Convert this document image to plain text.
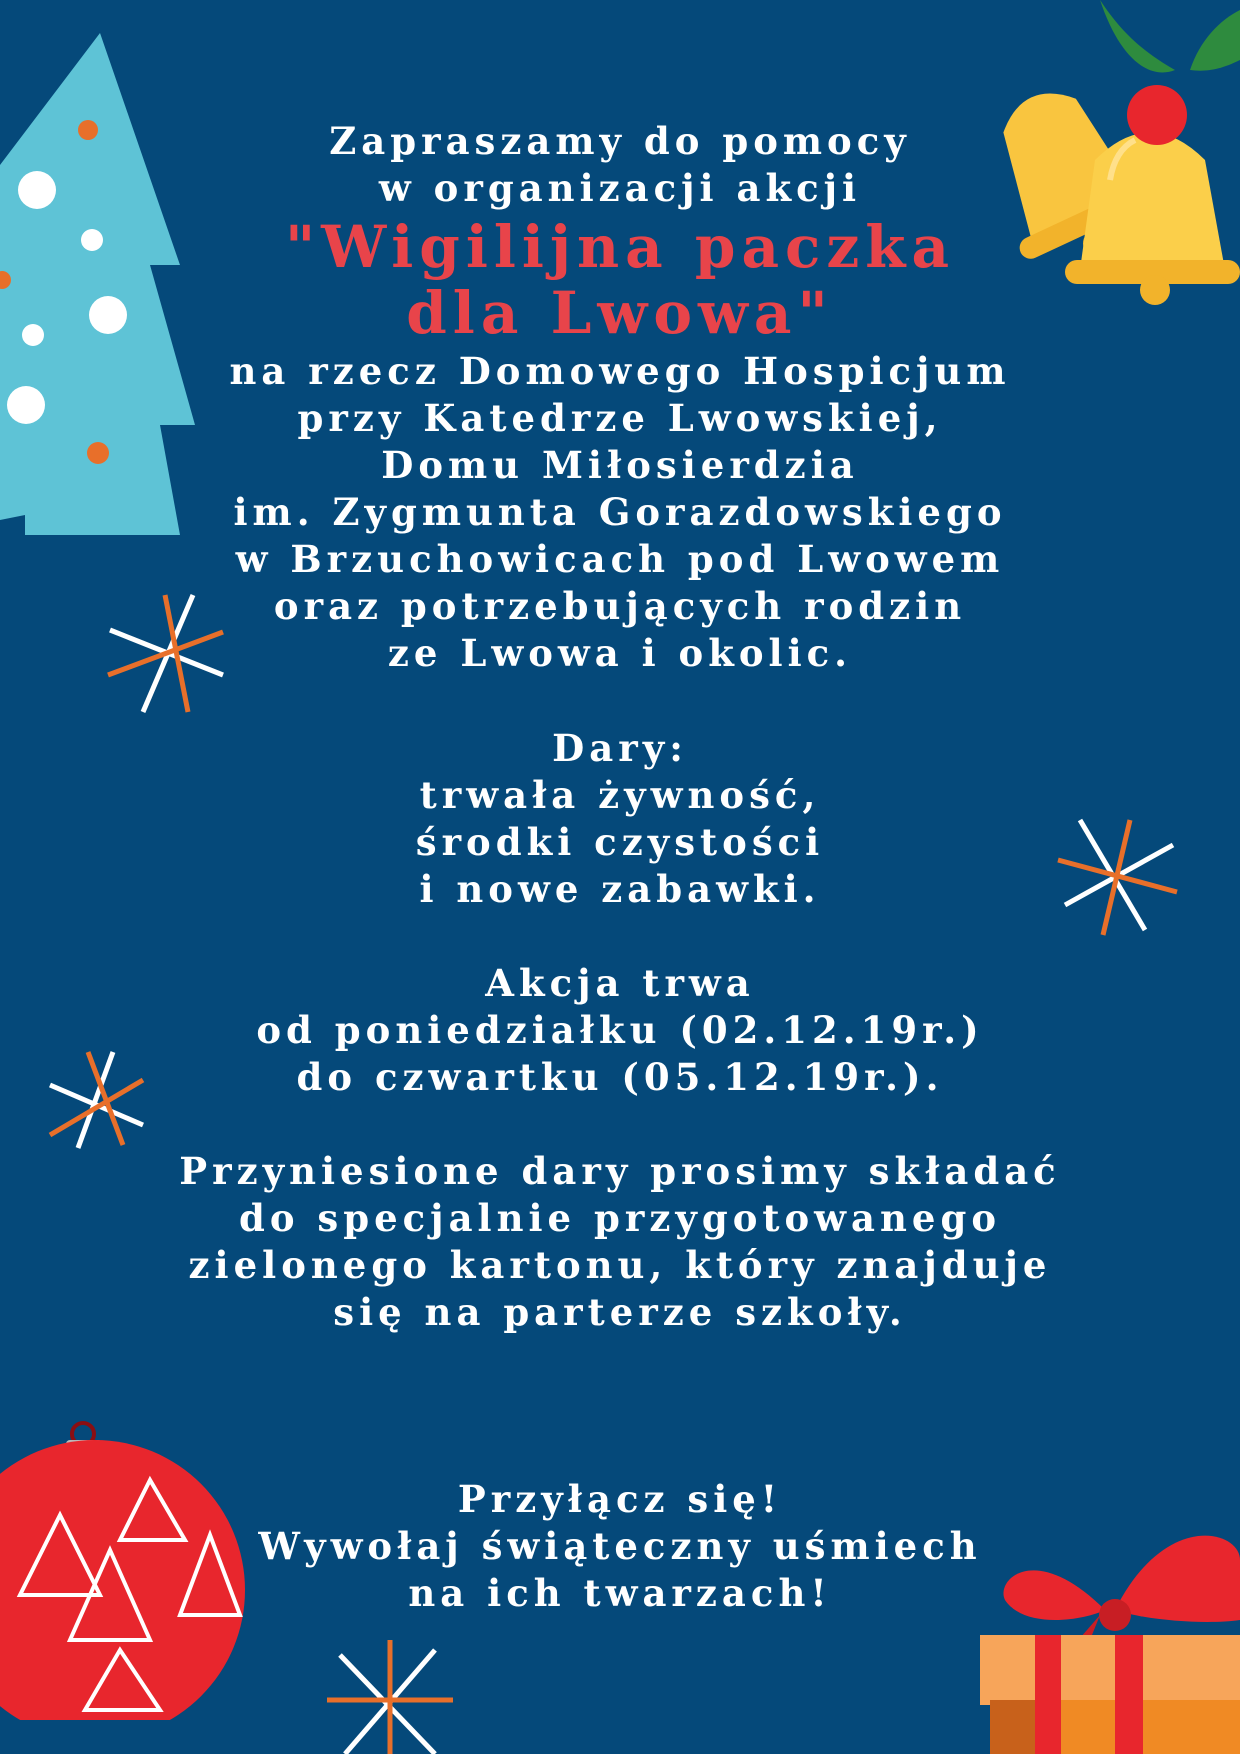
Zapraszamy do pomocy
w organizacji akcji
"Wigilijna paczka
dla Lwowa"
na rzecz Domowego Hospicjum
przy Katedrze Lwowskiej,
Domu Miłosierdzia
im. Zygmunta Gorazdowskiego
w Brzuchowicach pod Lwowem
oraz potrzebujących rodzin
ze Lwowa i okolic.
Dary:
trwała żywność,
środki czystości
i nowe zabawki.
Akcja trwa
od poniedziałku (02.12.19r.)
do czwartku (05.12.19r.).
Przyniesione dary prosimy składać
do specjalnie przygotowanego
zielonego kartonu, który znajduje
się na parterze szkoły.
Przyłącz się!
Wywołaj świąteczny uśmiech
na ich twarzach!
